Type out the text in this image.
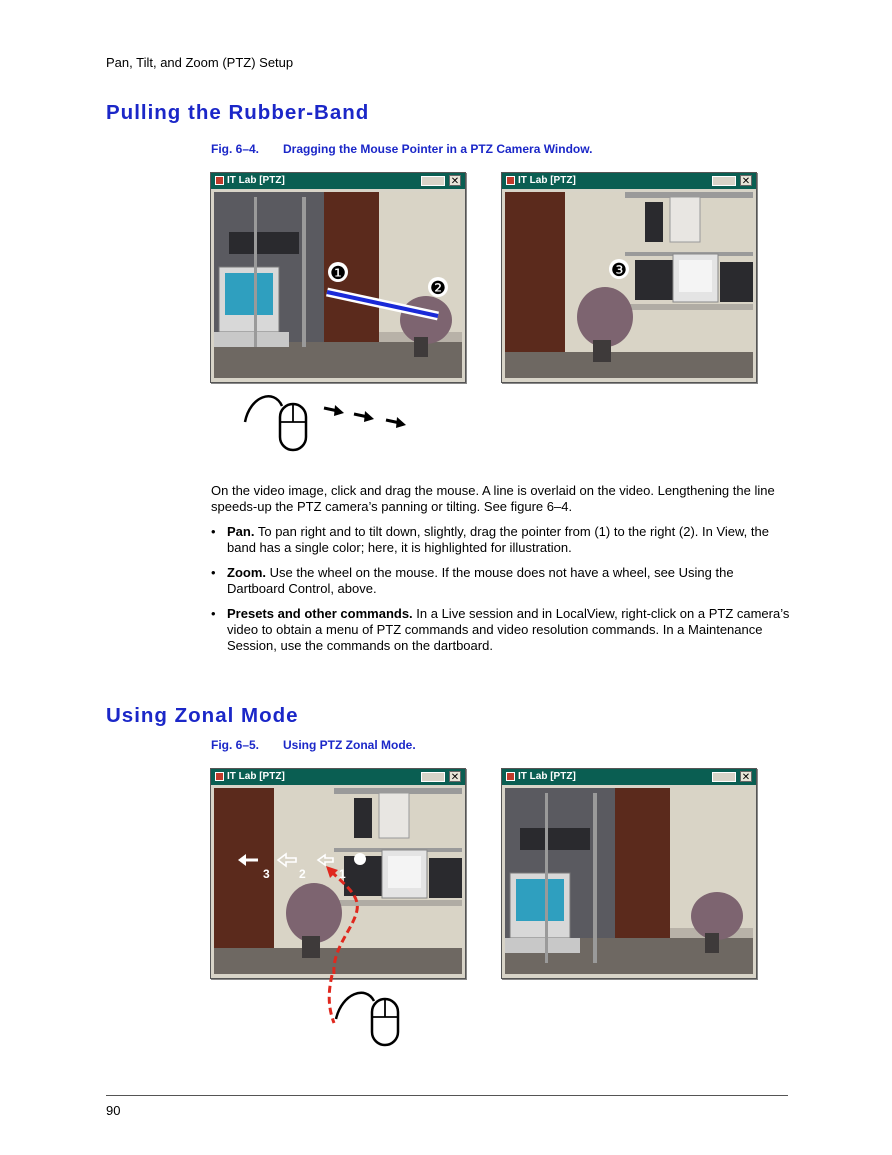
Pan, Tilt, and Zoom (PTZ) Setup
Pulling the Rubber-Band
Fig. 6–4. Dragging the Mouse Pointer in a PTZ Camera Window.
IT Lab [PTZ]	✕
❶
❷
IT Lab [PTZ]	✕
❸
On the video image, click and drag the mouse. A line is overlaid on the video. Lengthening the line speeds-up the PTZ camera’s panning or tilting. See figure 6–4.
• Pan. To pan right and to tilt down, slightly, drag the pointer from (1) to the right (2). In View, the band has a single color; here, it is highlighted for illustration.
• Zoom. Use the wheel on the mouse. If the mouse does not have a wheel, see Using the Dartboard Control, above.
• Presets and other commands. In a Live session and in LocalView, right-click on a PTZ camera’s video to obtain a menu of PTZ commands and video resolution commands. In a Maintenance Session, use the commands on the dartboard.
Using Zonal Mode
Fig. 6–5. Using PTZ Zonal Mode.
IT Lab [PTZ]	✕
3 2	1
IT Lab [PTZ]	✕
90
